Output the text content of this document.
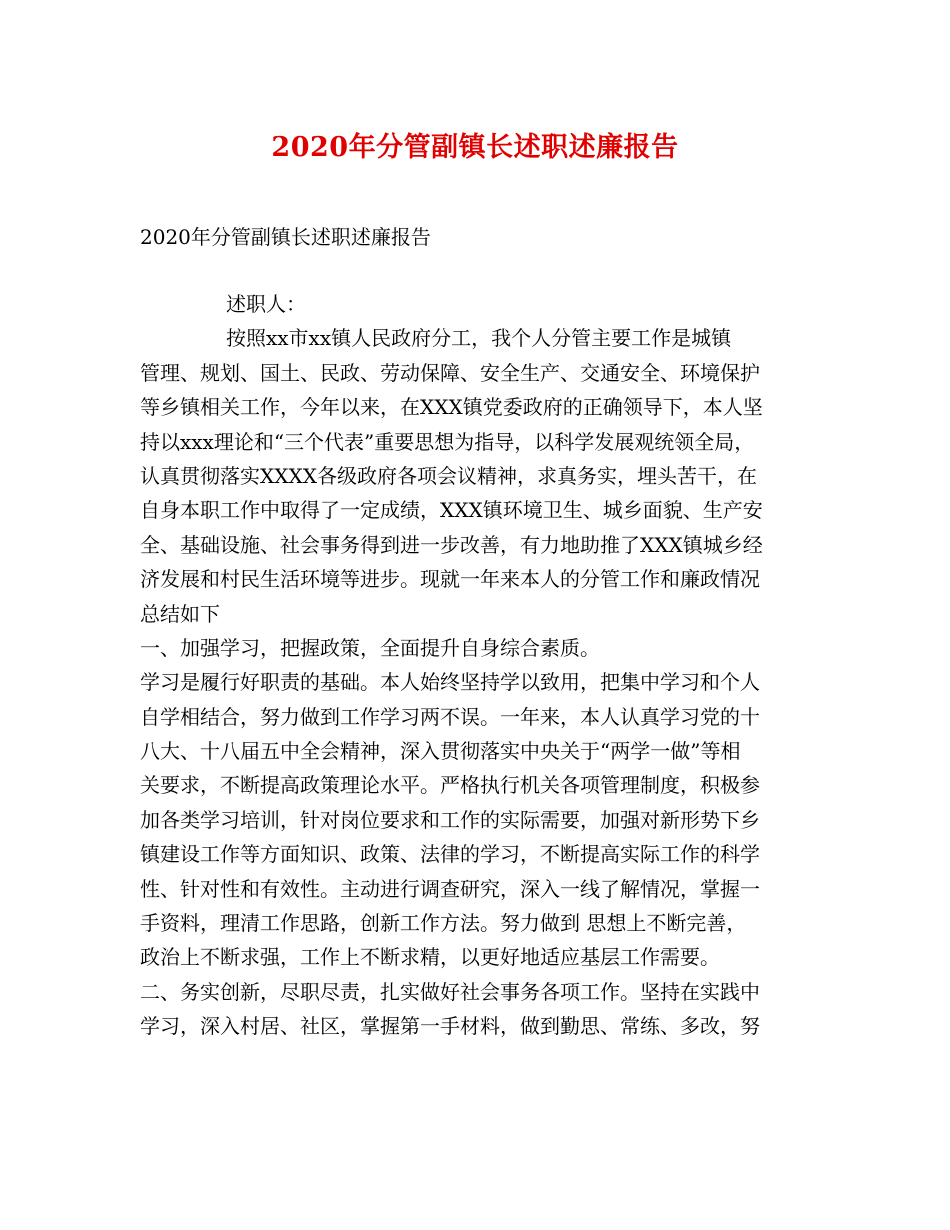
2020年分管副镇长述职述廉报告
2020年分管副镇长述职述廉报告
述职人：
按照xx市xx镇人民政府分工，我个人分管主要工作是城镇
管理、规划、国土、民政、劳动保障、安全生产、交通安全、环境保护
等乡镇相关工作，今年以来，在XXX镇党委政府的正确领导下，本人坚
持以xxx理论和“三个代表”重要思想为指导，以科学发展观统领全局，
认真贯彻落实XXXX各级政府各项会议精神，求真务实，埋头苦干，在
自身本职工作中取得了一定成绩，XXX镇环境卫生、城乡面貌、生产安
全、基础设施、社会事务得到进一步改善，有力地助推了XXX镇城乡经
济发展和村民生活环境等进步。现就一年来本人的分管工作和廉政情况
总结如下
一、加强学习，把握政策，全面提升自身综合素质。
学习是履行好职责的基础。本人始终坚持学以致用，把集中学习和个人
自学相结合，努力做到工作学习两不误。一年来，本人认真学习党的十
八大、十八届五中全会精神，深入贯彻落实中央关于“两学一做”等相
关要求，不断提高政策理论水平。严格执行机关各项管理制度，积极参
加各类学习培训，针对岗位要求和工作的实际需要，加强对新形势下乡
镇建设工作等方面知识、政策、法律的学习，不断提高实际工作的科学
性、针对性和有效性。主动进行调查研究，深入一线了解情况，掌握一
手资料，理清工作思路，创新工作方法。努力做到 思想上不断完善，
政治上不断求强，工作上不断求精，以更好地适应基层工作需要。
二、务实创新，尽职尽责，扎实做好社会事务各项工作。坚持在实践中
学习，深入村居、社区，掌握第一手材料，做到勤思、常练、多改，努
